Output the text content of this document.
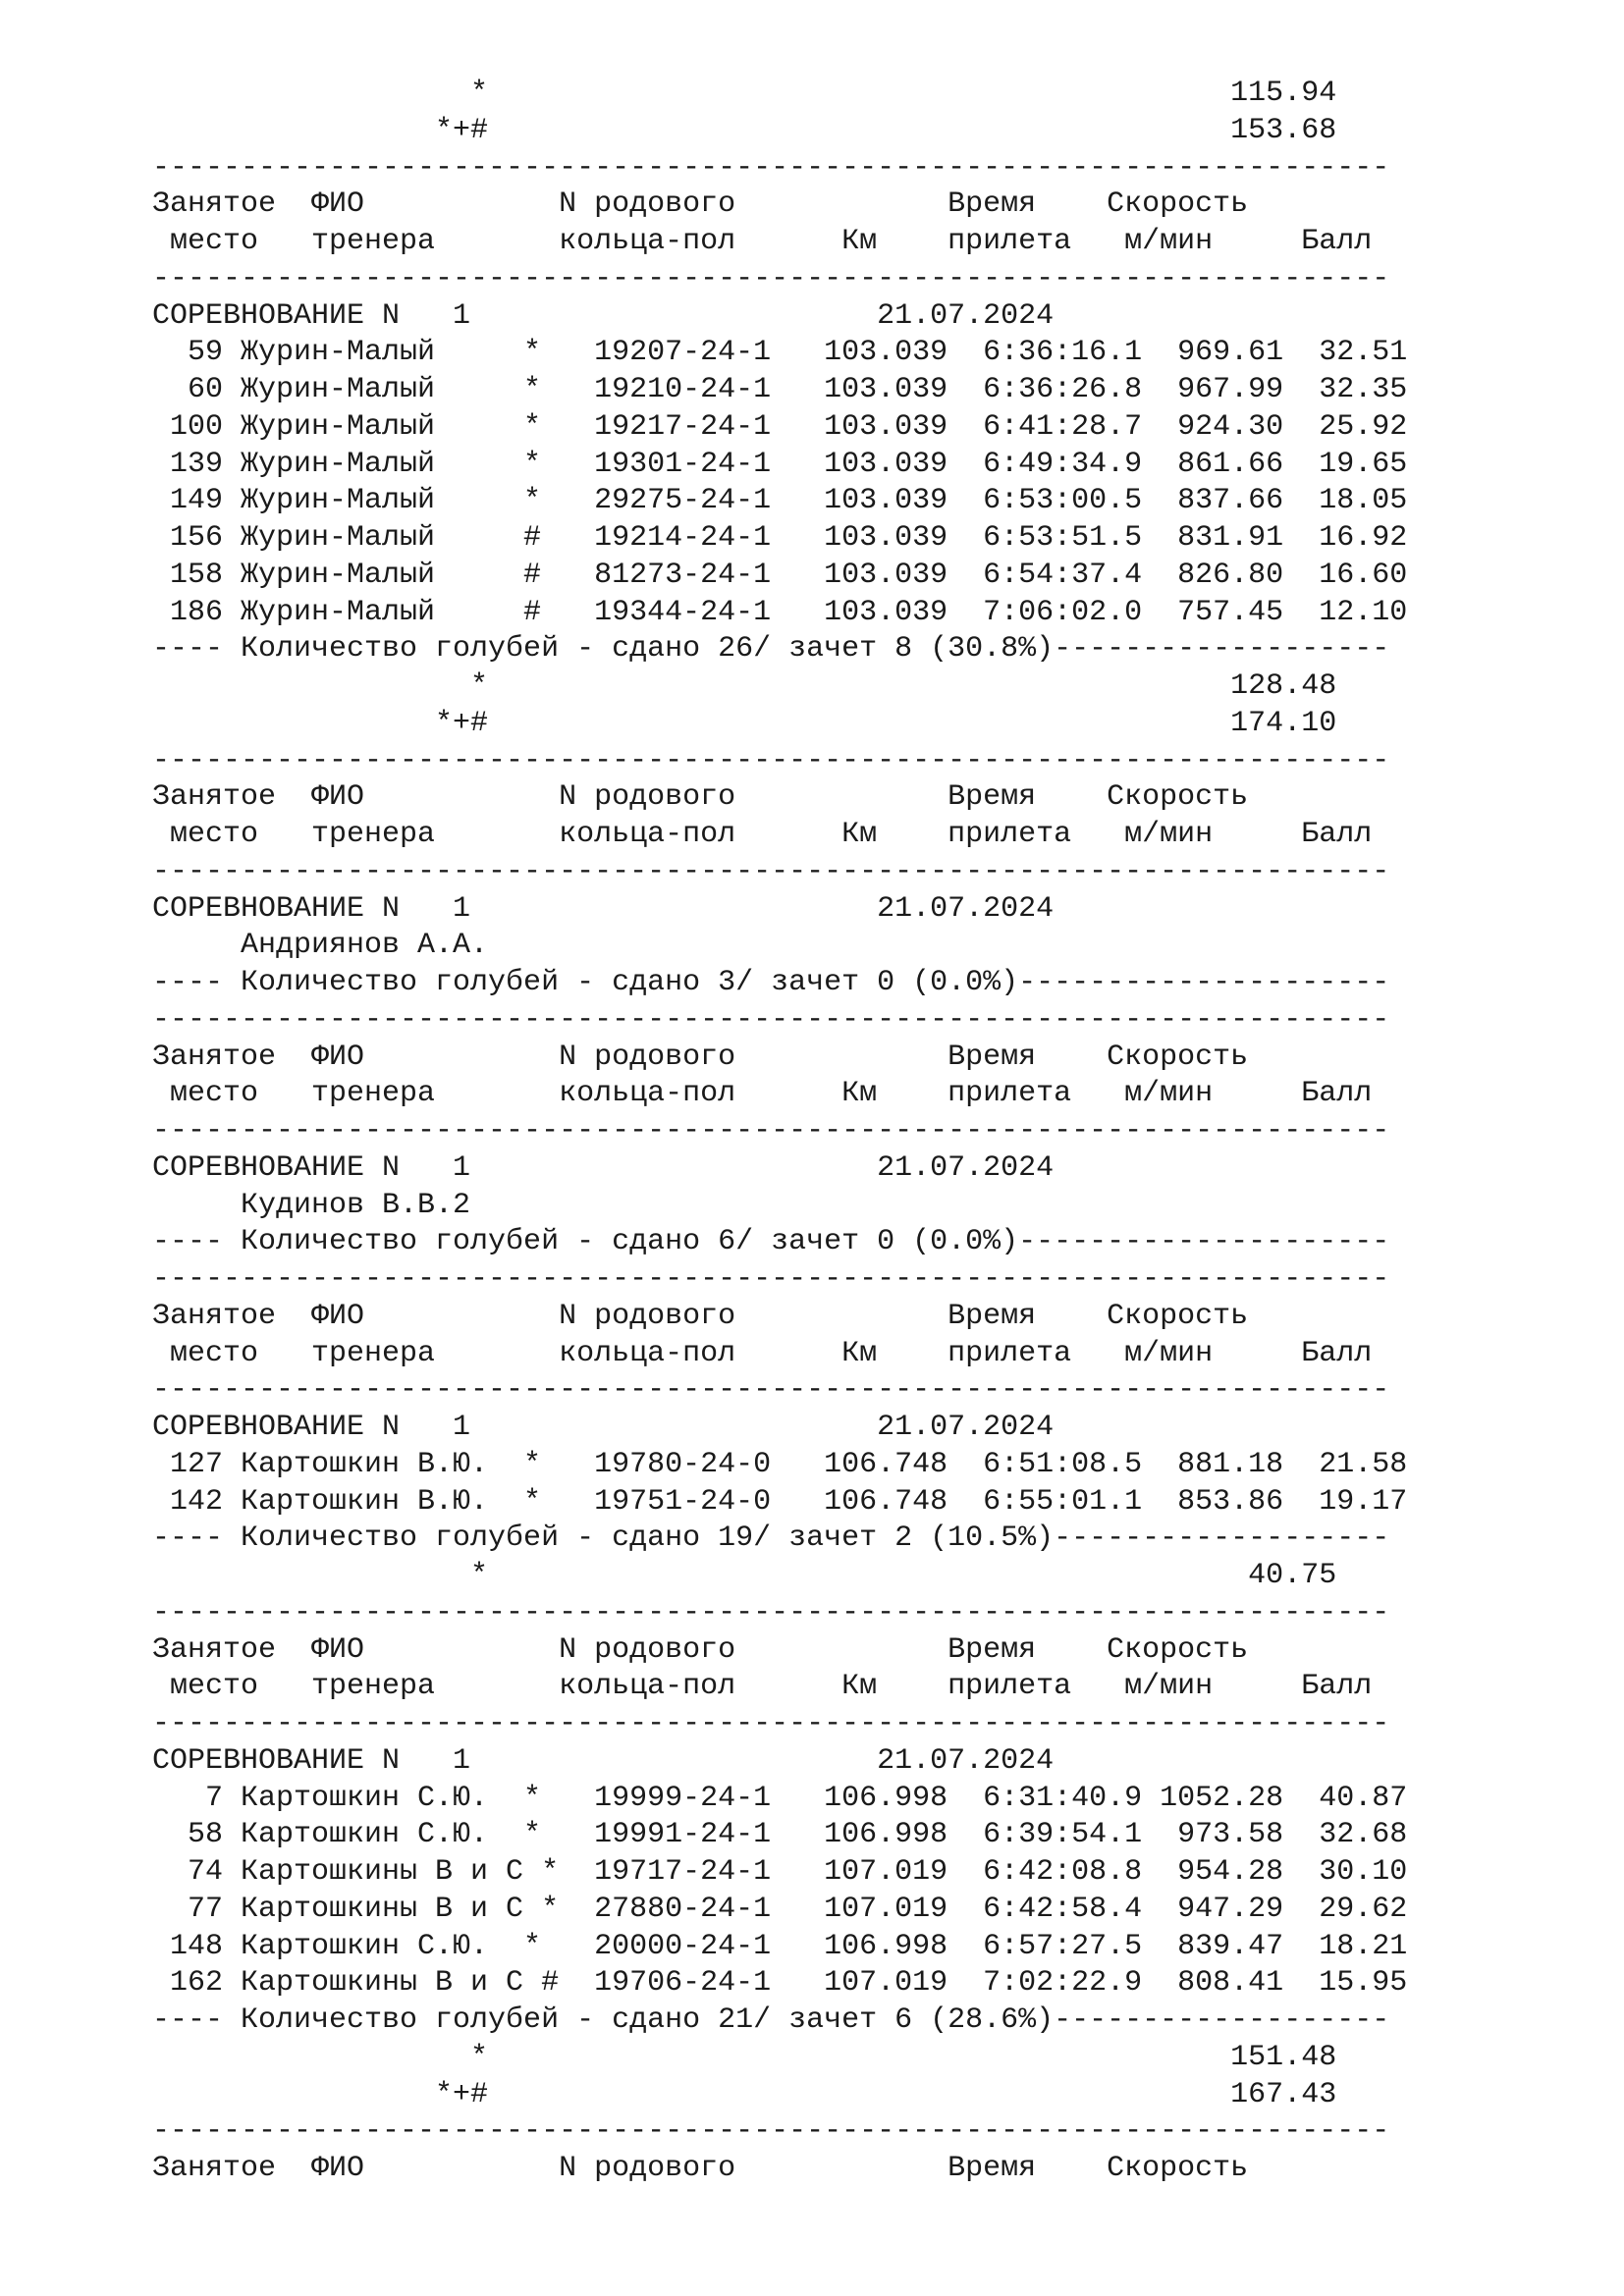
*                                          115.94
*+#                                          153.68
----------------------------------------------------------------------
Занятое  ФИО           N родового            Время    Скорость
место   тренера       кольца-пол      Км    прилета   м/мин     Балл
----------------------------------------------------------------------
СОРЕВНОВАНИЕ N   1                       21.07.2024
59 Журин-Малый     *   19207-24-1   103.039  6:36:16.1  969.61  32.51
60 Журин-Малый     *   19210-24-1   103.039  6:36:26.8  967.99  32.35
100 Журин-Малый     *   19217-24-1   103.039  6:41:28.7  924.30  25.92
139 Журин-Малый     *   19301-24-1   103.039  6:49:34.9  861.66  19.65
149 Журин-Малый     *   29275-24-1   103.039  6:53:00.5  837.66  18.05
156 Журин-Малый     #   19214-24-1   103.039  6:53:51.5  831.91  16.92
158 Журин-Малый     #   81273-24-1   103.039  6:54:37.4  826.80  16.60
186 Журин-Малый     #   19344-24-1   103.039  7:06:02.0  757.45  12.10
---- Количество голубей - сдано 26/ зачет 8 (30.8%)-------------------
*                                          128.48
*+#                                          174.10
----------------------------------------------------------------------
Занятое  ФИО           N родового            Время    Скорость
место   тренера       кольца-пол      Км    прилета   м/мин     Балл
----------------------------------------------------------------------
СОРЕВНОВАНИЕ N   1                       21.07.2024
Андриянов А.А.
---- Количество голубей - сдано 3/ зачет 0 (0.0%)---------------------
----------------------------------------------------------------------
Занятое  ФИО           N родового            Время    Скорость
место   тренера       кольца-пол      Км    прилета   м/мин     Балл
----------------------------------------------------------------------
СОРЕВНОВАНИЕ N   1                       21.07.2024
Кудинов В.В.2
---- Количество голубей - сдано 6/ зачет 0 (0.0%)---------------------
----------------------------------------------------------------------
Занятое  ФИО           N родового            Время    Скорость
место   тренера       кольца-пол      Км    прилета   м/мин     Балл
----------------------------------------------------------------------
СОРЕВНОВАНИЕ N   1                       21.07.2024
127 Картошкин В.Ю.  *   19780-24-0   106.748  6:51:08.5  881.18  21.58
142 Картошкин В.Ю.  *   19751-24-0   106.748  6:55:01.1  853.86  19.17
---- Количество голубей - сдано 19/ зачет 2 (10.5%)-------------------
*                                           40.75
----------------------------------------------------------------------
Занятое  ФИО           N родового            Время    Скорость
место   тренера       кольца-пол      Км    прилета   м/мин     Балл
----------------------------------------------------------------------
СОРЕВНОВАНИЕ N   1                       21.07.2024
7 Картошкин С.Ю.  *   19999-24-1   106.998  6:31:40.9 1052.28  40.87
58 Картошкин С.Ю.  *   19991-24-1   106.998  6:39:54.1  973.58  32.68
74 Картошкины В и С *  19717-24-1   107.019  6:42:08.8  954.28  30.10
77 Картошкины В и С *  27880-24-1   107.019  6:42:58.4  947.29  29.62
148 Картошкин С.Ю.  *   20000-24-1   106.998  6:57:27.5  839.47  18.21
162 Картошкины В и С #  19706-24-1   107.019  7:02:22.9  808.41  15.95
---- Количество голубей - сдано 21/ зачет 6 (28.6%)-------------------
*                                          151.48
*+#                                          167.43
----------------------------------------------------------------------
Занятое  ФИО           N родового            Время    Скорость
